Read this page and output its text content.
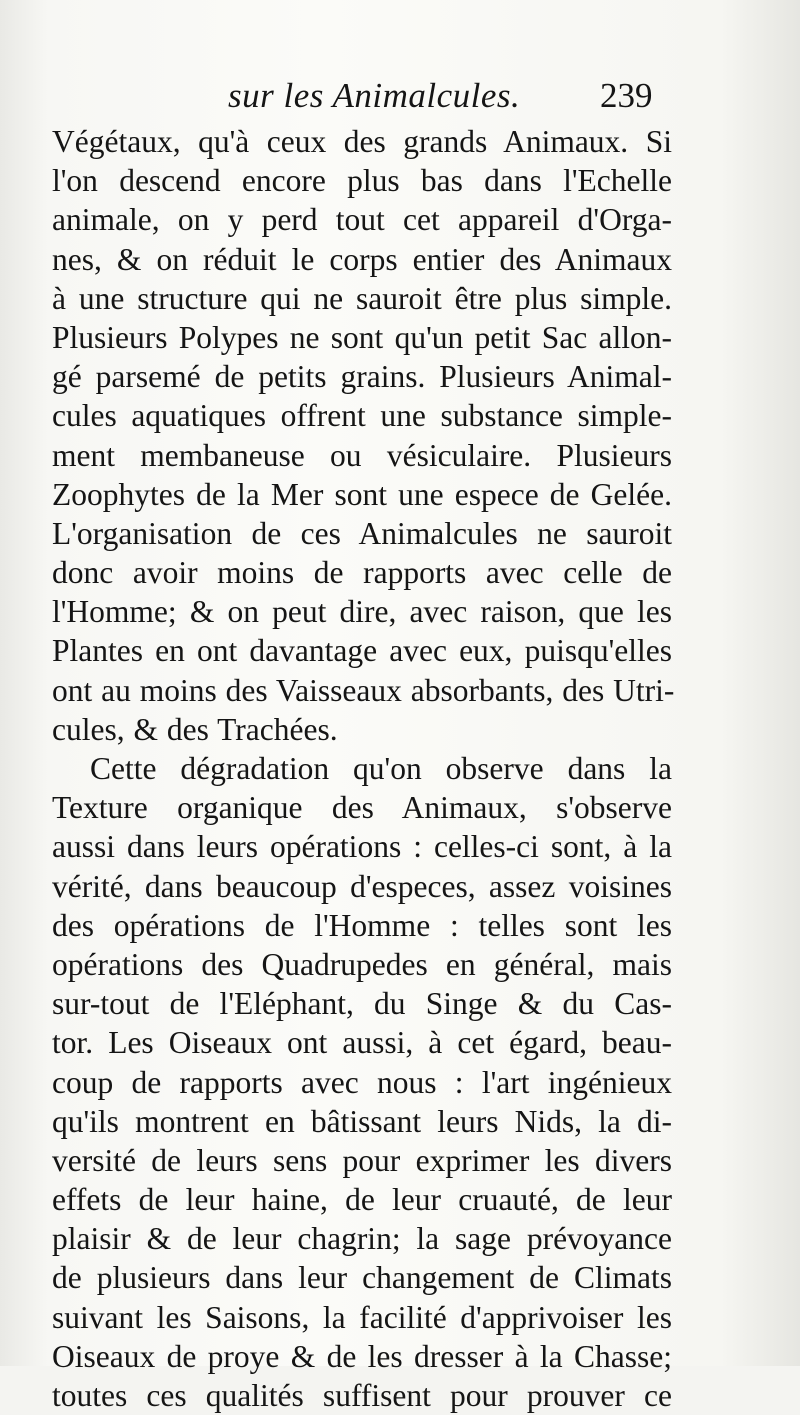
sur les Animalcules. 239
Végétaux, qu'à ceux des grands Animaux. Si
l'on descend encore plus bas dans l'Echelle
animale, on y perd tout cet appareil d'Orga-
nes, & on réduit le corps entier des Animaux
à une structure qui ne sauroit être plus simple.
Plusieurs Polypes ne sont qu'un petit Sac allon-
gé parsemé de petits grains. Plusieurs Animal-
cules aquatiques offrent une substance simple-
ment membaneuse ou vésiculaire. Plusieurs
Zoophytes de la Mer sont une espece de Gelée.
L'organisation de ces Animalcules ne sauroit
donc avoir moins de rapports avec celle de
l'Homme; & on peut dire, avec raison, que les
Plantes en ont davantage avec eux, puisqu'elles
ont au moins des Vaisseaux absorbants, des Utri-
cules, & des Trachées.
Cette dégradation qu'on observe dans la
Texture organique des Animaux, s'observe
aussi dans leurs opérations : celles-ci sont, à la
vérité, dans beaucoup d'especes, assez voisines
des opérations de l'Homme : telles sont les
opérations des Quadrupedes en général, mais
sur-tout de l'Eléphant, du Singe & du Cas-
tor. Les Oiseaux ont aussi, à cet égard, beau-
coup de rapports avec nous : l'art ingénieux
qu'ils montrent en bâtissant leurs Nids, la di-
versité de leurs sens pour exprimer les divers
effets de leur haine, de leur cruauté, de leur
plaisir & de leur chagrin; la sage prévoyance
de plusieurs dans leur changement de Climats
suivant les Saisons, la facilité d'apprivoiser les
Oiseaux de proye & de les dresser à la Chasse;
toutes ces qualités suffisent pour prouver ce
